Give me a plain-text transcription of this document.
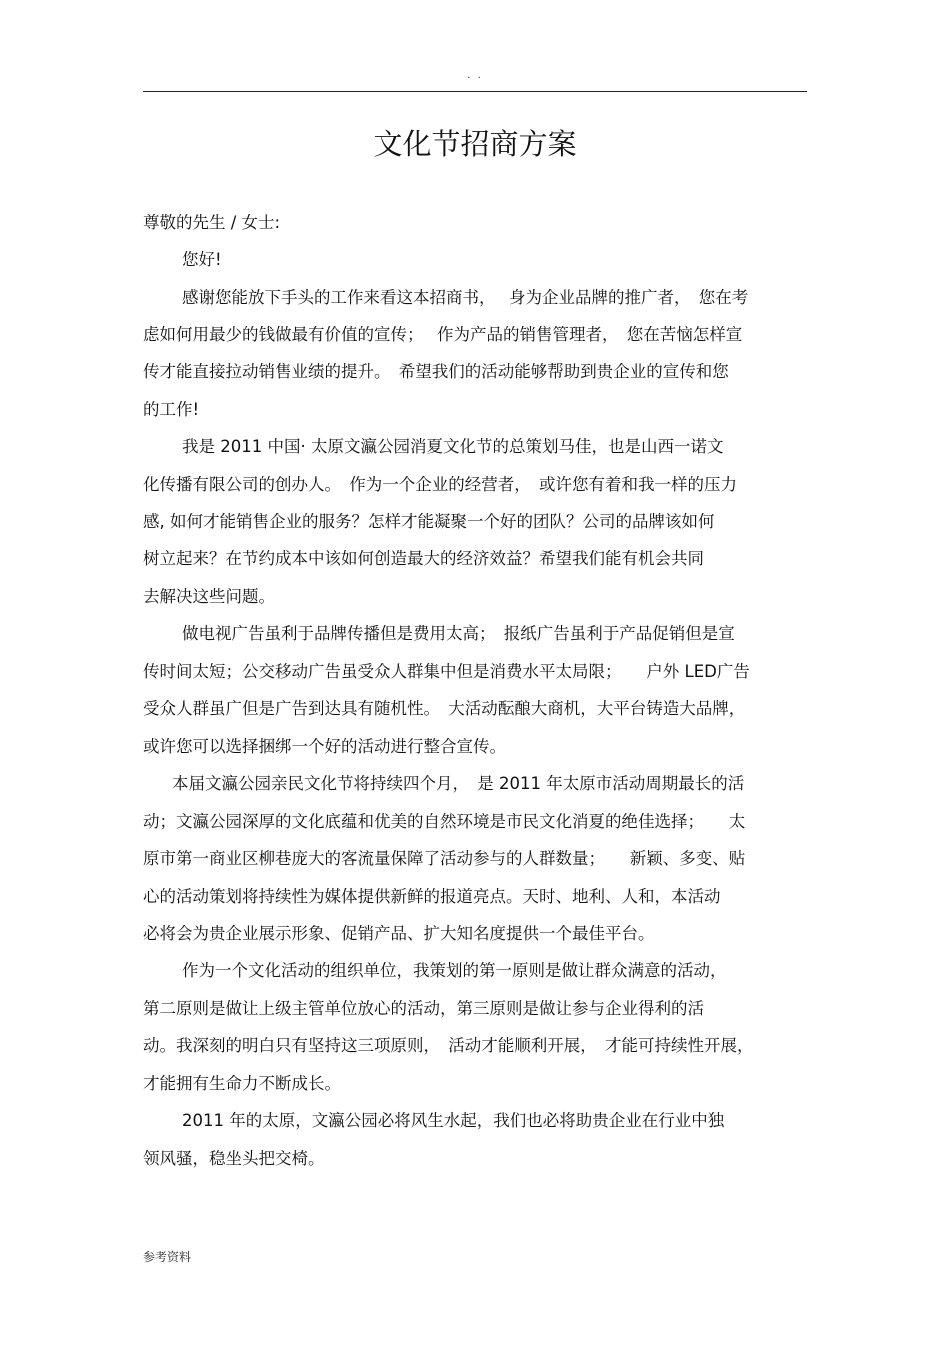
. .
文化节招商方案

尊敬的先生 / 女士:

您好!

感谢您能放下手头的工作来看这本招商书，　 身为企业品牌的推广者，　您在考

虑如何用最少的钱做最有价值的宣传；　 作为产品的销售管理者，　您在苦恼怎样宣

传才能直接拉动销售业绩的提升。　希望我们的活动能够帮助到贵企业的宣传和您

的工作!

我是 2011 中国· 太原文瀛公园消夏文化节的总策划马佳，也是山西一诺文

化传播有限公司的创办人。　作为一个企业的经营者，　或许您有着和我一样的压力

感, 如何才能销售企业的服务？怎样才能凝聚一个好的团队？公司的品牌该如何

树立起来？在节约成本中该如何创造最大的经济效益？希望我们能有机会共同

去解决这些问题。

做电视广告虽利于品牌传播但是费用太高；　报纸广告虽利于产品促销但是宣

传时间太短；公交移动广告虽受众人群集中但是消费水平太局限；　　户外 LED广告

受众人群虽广但是广告到达具有随机性。　大活动酝酿大商机，大平台铸造大品牌，

或许您可以选择捆绑一个好的活动进行整合宣传。

本届文瀛公园亲民文化节将持续四个月，　是 2011 年太原市活动周期最长的活

动；文瀛公园深厚的文化底蕴和优美的自然环境是市民文化消夏的绝佳选择；　　太

原市第一商业区柳巷庞大的客流量保障了活动参与的人群数量；　　新颖、多变、贴

心的活动策划将持续性为媒体提供新鲜的报道亮点。天时、地利、人和，本活动

必将会为贵企业展示形象、促销产品、扩大知名度提供一个最佳平台。

作为一个文化活动的组织单位，我策划的第一原则是做让群众满意的活动，

第二原则是做让上级主管单位放心的活动，第三原则是做让参与企业得利的活

动。我深刻的明白只有坚持这三项原则，　活动才能顺利开展，　才能可持续性开展，

才能拥有生命力不断成长。

2011 年的太原，文瀛公园必将风生水起，我们也必将助贵企业在行业中独

领风骚，稳坐头把交椅。

参考资料
